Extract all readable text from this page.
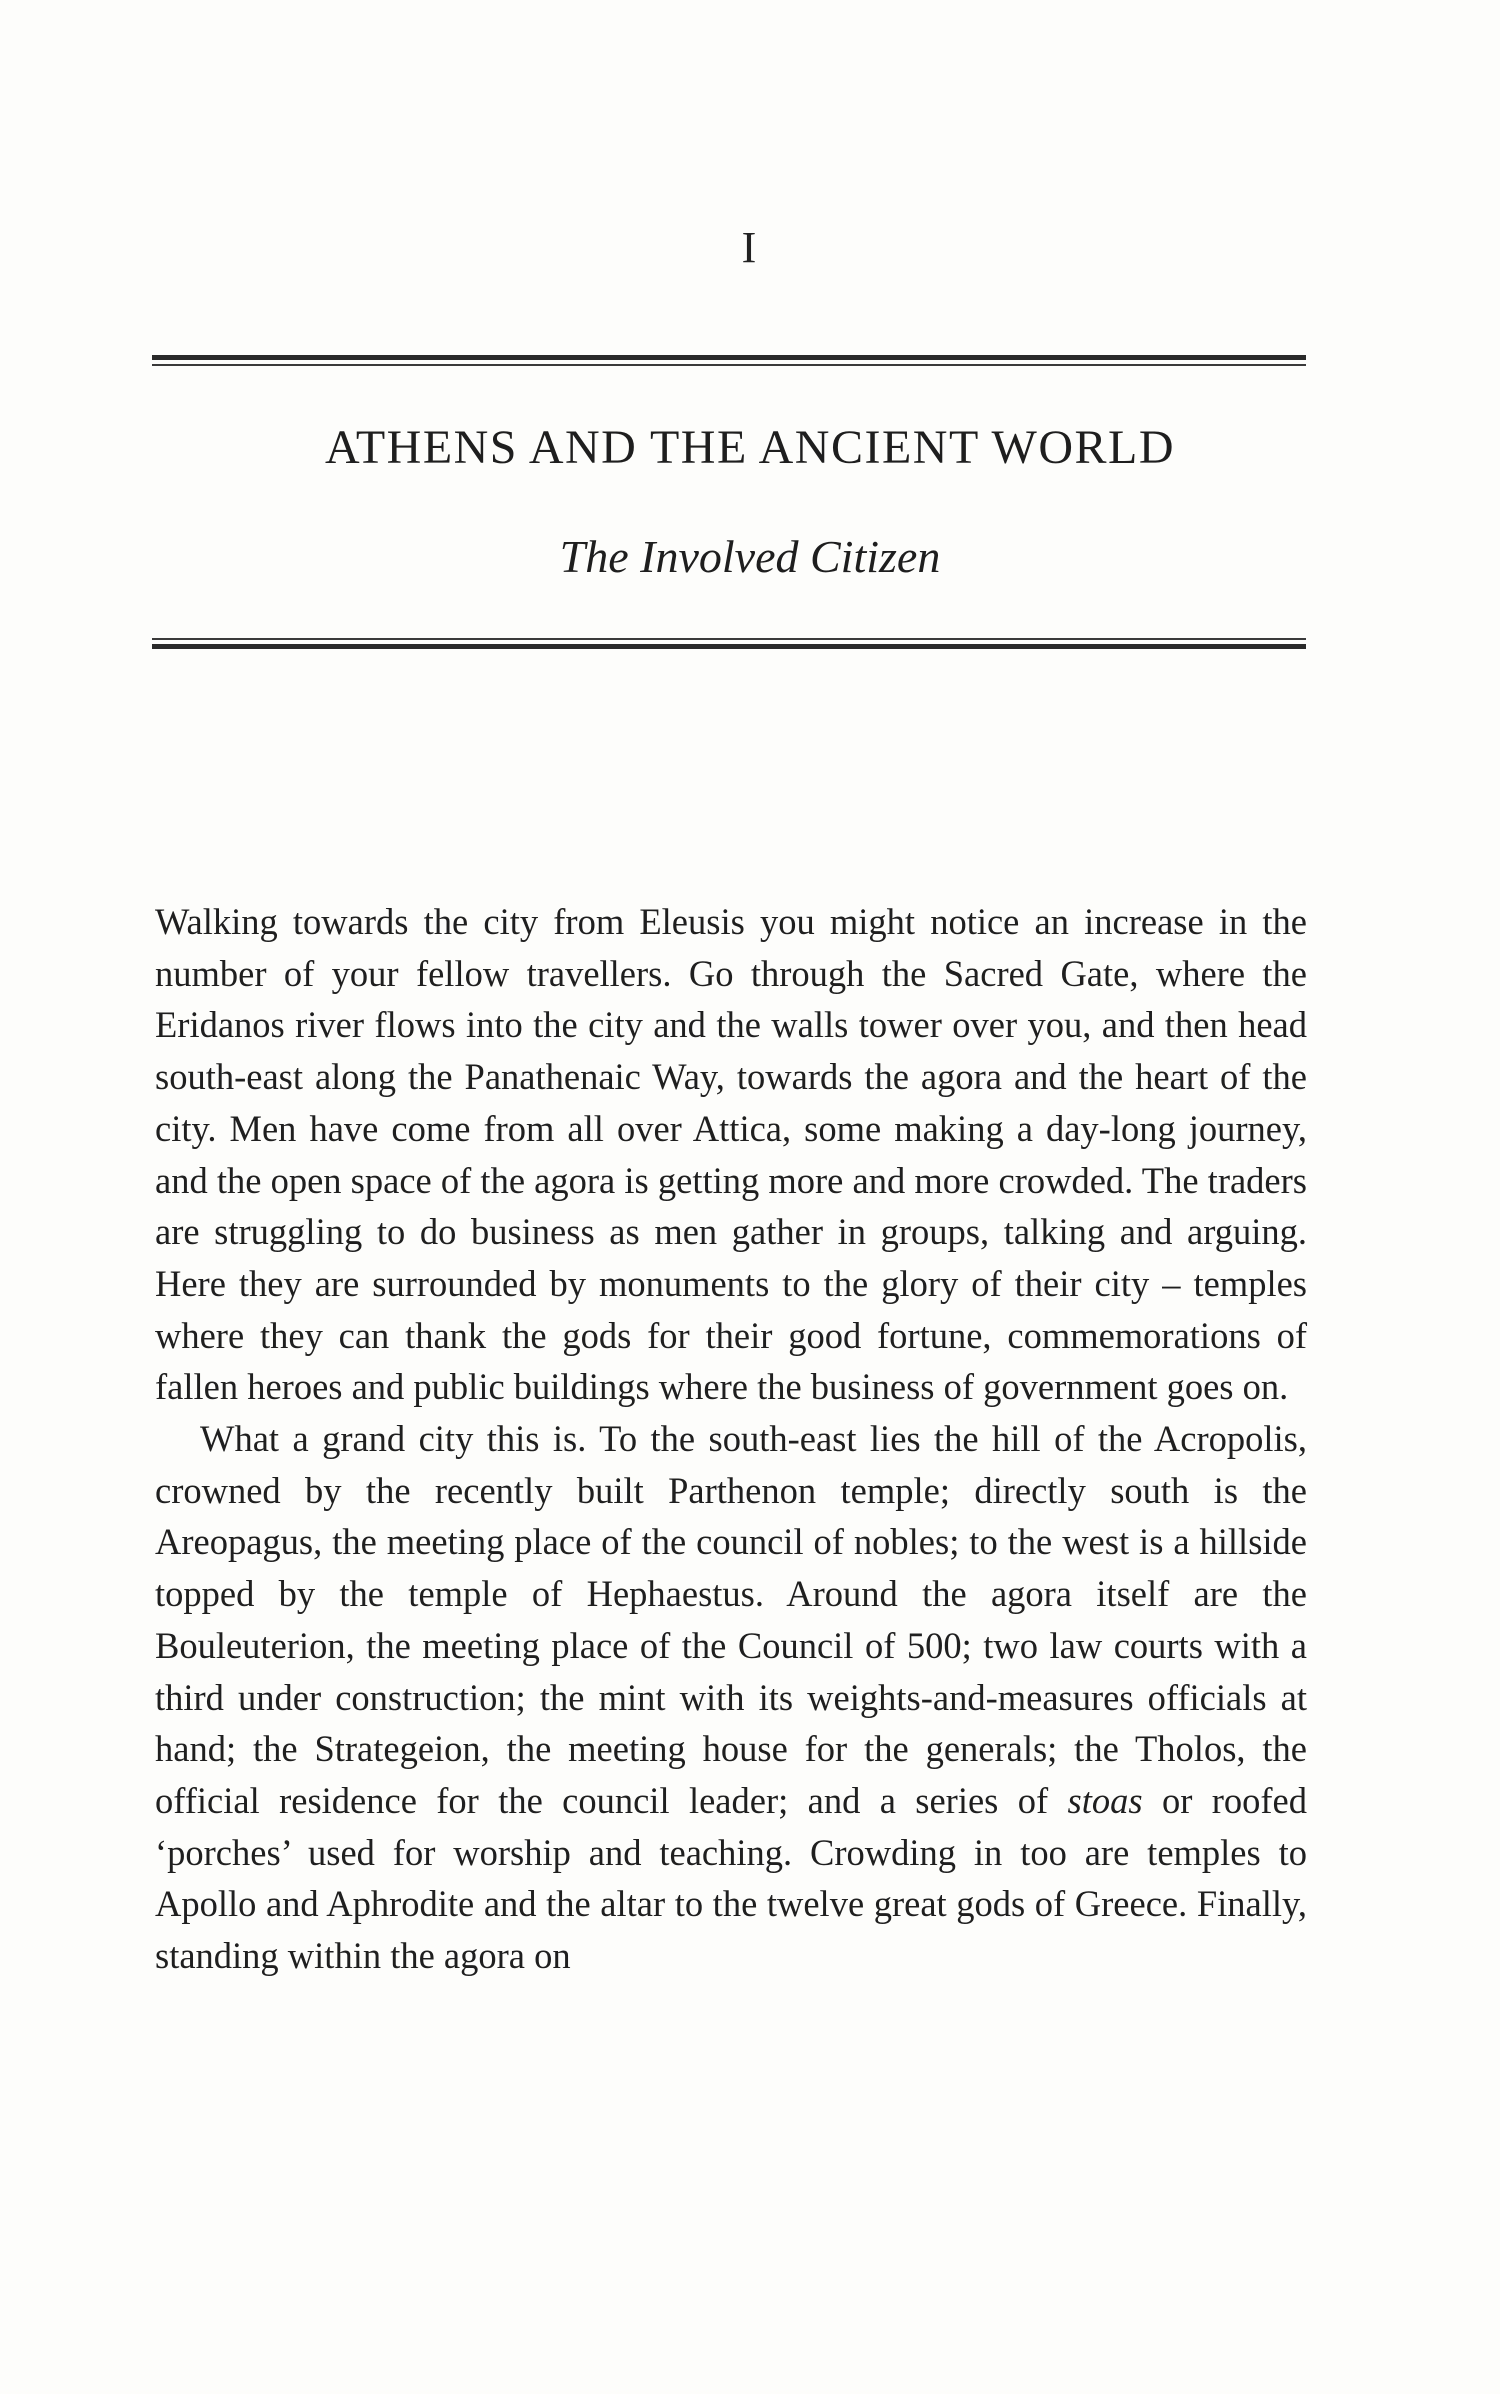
I
ATHENS AND THE ANCIENT WORLD
The Involved Citizen

Walking towards the city from Eleusis you might notice an increase in the number of your fellow travellers. Go through the Sacred Gate, where the Eridanos river flows into the city and the walls tower over you, and then head south-east along the Panathenaic Way, towards the agora and the heart of the city. Men have come from all over Attica, some making a day-long journey, and the open space of the agora is getting more and more crowded. The traders are struggling to do business as men gather in groups, talking and arguing. Here they are surrounded by monuments to the glory of their city – temples where they can thank the gods for their good fortune, commemorations of fallen heroes and public buildings where the business of government goes on.

What a grand city this is. To the south-east lies the hill of the Acropolis, crowned by the recently built Parthenon temple; directly south is the Areopagus, the meeting place of the council of nobles; to the west is a hillside topped by the temple of Hephaestus. Around the agora itself are the Bouleuterion, the meeting place of the Council of 500; two law courts with a third under construction; the mint with its weights-and-measures officials at hand; the Strategeion, the meeting house for the generals; the Tholos, the official residence for the council leader; and a series of stoas or roofed ‘porches’ used for worship and teaching. Crowding in too are temples to Apollo and Aphrodite and the altar to the twelve great gods of Greece. Finally, standing within the agora on
